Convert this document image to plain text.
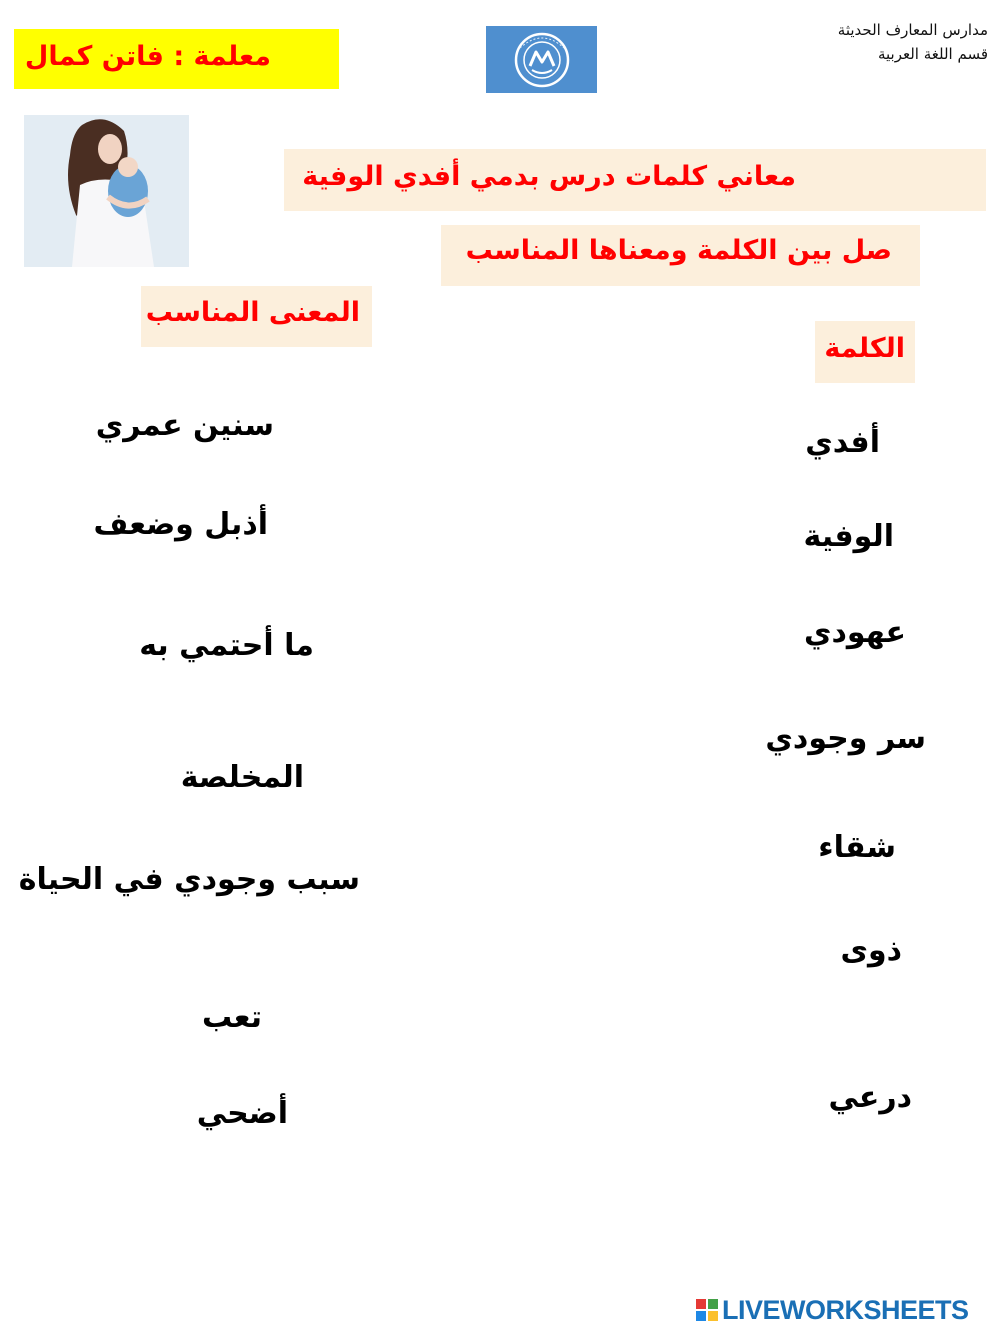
مدارس المعارف الحديثة
قسم اللغة العربية
معلمة : فاتن كمال
معاني كلمات درس بدمي أفدي الوفية
صل بين الكلمة ومعناها المناسب
المعنى المناسب
الكلمة
أفدي
الوفية
عهودي
سر وجودي
شقاء
ذوى
درعي
سنين عمري
أذبل وضعف
ما أحتمي به
المخلصة
سبب وجودي في الحياة
تعب
أضحي
LIVEWORKSHEETS
